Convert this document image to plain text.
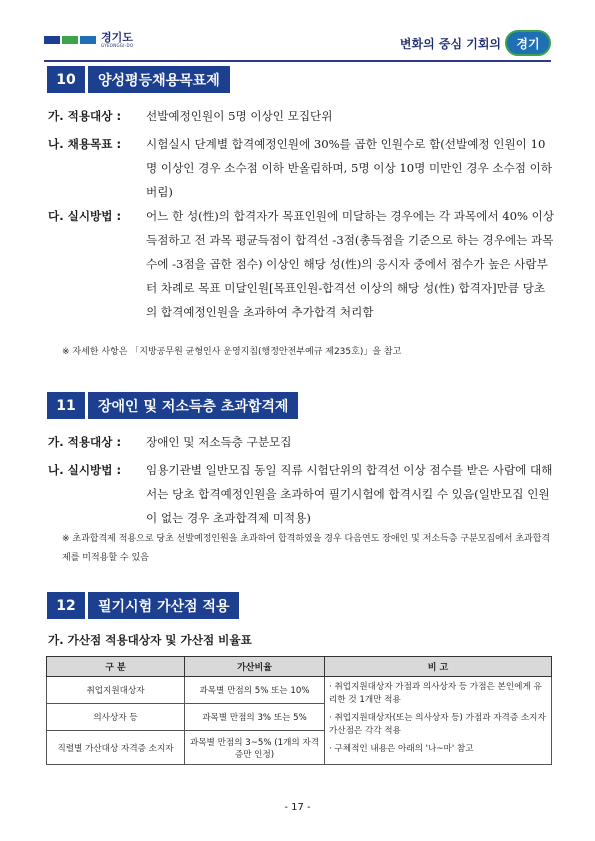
경기도
GYEONGGI-DO	변화의 중심 기회의	경기
10	양성평등채용목표제
가. 적용대상 :	선발예정인원이 5명 이상인 모집단위
나. 채용목표 :	시험실시 단계별 합격예정인원에 30%를 곱한 인원수로 함(선발예정 인원이 10명 이상인 경우 소수점 이하 반올림하며, 5명 이상 10명 미만인 경우 소수점 이하 버림)
다. 실시방법 :	어느 한 성(性)의 합격자가 목표인원에 미달하는 경우에는 각 과목에서 40% 이상 득점하고 전 과목 평균득점이 합격선 -3점(총득점을 기준으로 하는 경우에는 과목수에 -3점을 곱한 점수) 이상인 해당 성(性)의 응시자 중에서 점수가 높은 사람부터 차례로 목표 미달인원[목표인원-합격선 이상의 해당 성(性) 합격자]만큼 당초의 합격예정인원을 초과하여 추가합격 처리함
※ 자세한 사항은 「지방공무원 균형인사 운영지침(행정안전부예규 제235호)」을 참고
11	장애인 및 저소득층 초과합격제
가. 적용대상 :	장애인 및 저소득층 구분모집
나. 실시방법 :	임용기관별 일반모집 동일 직류 시험단위의 합격선 이상 점수를 받은 사람에 대해서는 당초 합격예정인원을 초과하여 필기시험에 합격시킬 수 있음(일반모집 인원이 없는 경우 초과합격제 미적용)
※ 초과합격제 적용으로 당초 선발예정인원을 초과하여 합격하였을 경우 다음연도 장애인 및 저소득층 구분모집에서 초과합격제를 미적용할 수 있음
12	필기시험 가산점 적용
가. 가산점 적용대상자 및 가산점 비율표
구 분	가산비율	비 고
취업지원대상자	과목별 만점의 5% 또는 10%	· 취업지원대상자 가점과 의사상자 등 가점은 본인에게 유리한 것 1개만 적용
· 취업지원대상자(또는 의사상자 등) 가점과 자격증 소지자 가산점은 각각 적용
· 구체적인 내용은 아래의 '나~마' 참고

의사상자 등	과목별 만점의 3% 또는 5%	
직렬별 가산대상 자격증 소지자	과목별 만점의 3~5% (1개의 자격증만 인정)	
- 17 -
